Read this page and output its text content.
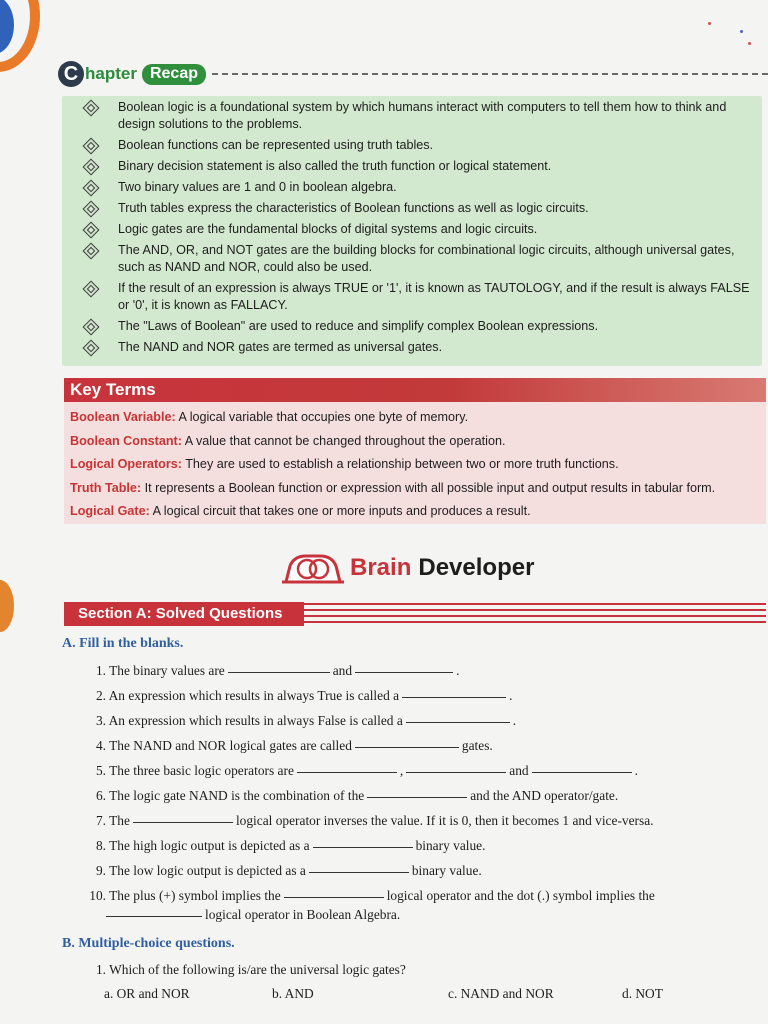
C hapter Recap
Boolean logic is a foundational system by which humans interact with computers to tell them how to think and design solutions to the problems.
Boolean functions can be represented using truth tables.
Binary decision statement is also called the truth function or logical statement.
Two binary values are 1 and 0 in boolean algebra.
Truth tables express the characteristics of Boolean functions as well as logic circuits.
Logic gates are the fundamental blocks of digital systems and logic circuits.
The AND, OR, and NOT gates are the building blocks for combinational logic circuits, although universal gates, such as NAND and NOR, could also be used.
If the result of an expression is always TRUE or '1', it is known as TAUTOLOGY, and if the result is always FALSE or '0', it is known as FALLACY.
The "Laws of Boolean" are used to reduce and simplify complex Boolean expressions.
The NAND and NOR gates are termed as universal gates.
Key Terms
Boolean Variable: A logical variable that occupies one byte of memory.
Boolean Constant: A value that cannot be changed throughout the operation.
Logical Operators: They are used to establish a relationship between two or more truth functions.
Truth Table: It represents a Boolean function or expression with all possible input and output results in tabular form.
Logical Gate: A logical circuit that takes one or more inputs and produces a result.
Brain Developer
Section A: Solved Questions
A. Fill in the blanks.
1. The binary values are	and	.
2. An expression which results in always True is called a	.
3. An expression which results in always False is called a	.
4. The NAND and NOR logical gates are called	gates.
5. The three basic logic operators are	,	and	.
6. The logic gate NAND is the combination of the	and the AND operator/gate.
7. The	logical operator inverses the value. If it is 0, then it becomes 1 and vice-versa.
8. The high logic output is depicted as a	binary value.
9. The low logic output is depicted as a	binary value.
10. The plus (+) symbol implies the	logical operator and the dot (.) symbol implies the
logical operator in Boolean Algebra.
B. Multiple-choice questions.
1. Which of the following is/are the universal logic gates?
a. OR and NOR	b. AND	c. NAND and NOR	d. NOT
